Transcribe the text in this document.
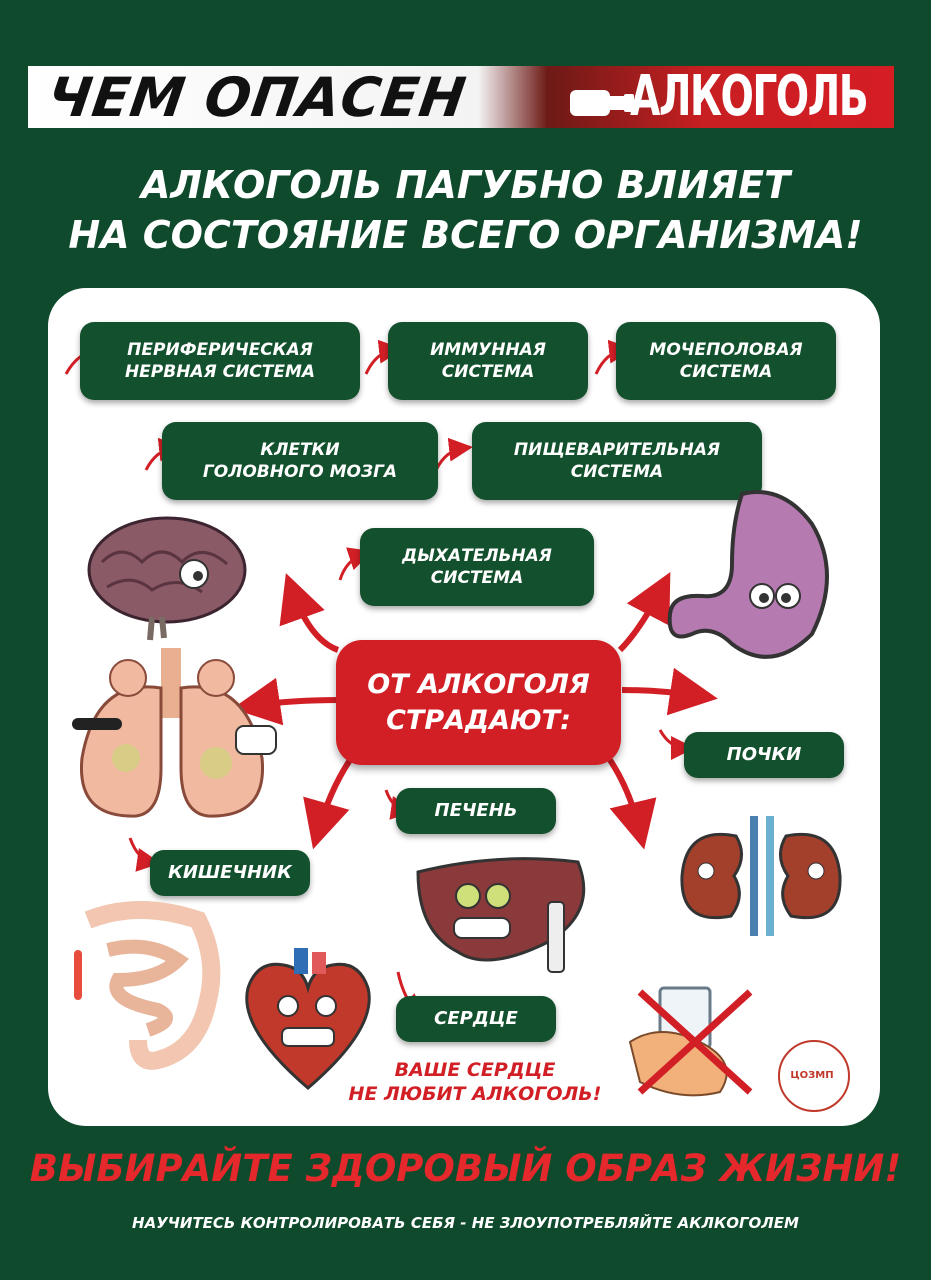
ЧЕМ ОПАСЕН	АЛКОГОЛЬ
АЛКОГОЛЬ ПАГУБНО ВЛИЯЕТ
НА СОСТОЯНИЕ ВСЕГО ОРГАНИЗМА!
ПЕРИФЕРИЧЕСКАЯ
НЕРВНАЯ СИСТЕМА
ИММУННАЯ
СИСТЕМА
МОЧЕПОЛОВАЯ
СИСТЕМА
КЛЕТКИ
ГОЛОВНОГО МОЗГА
ПИЩЕВАРИТЕЛЬНАЯ
СИСТЕМА
ДЫХАТЕЛЬНАЯ
СИСТЕМА
ОТ АЛКОГОЛЯ
СТРАДАЮТ:
ПОЧКИ
ПЕЧЕНЬ
КИШЕЧНИК
СЕРДЦЕ
ВАШЕ СЕРДЦЕ
НЕ ЛЮБИТ АЛКОГОЛЬ!
ЦОЗМП
ВЫБИРАЙТЕ ЗДОРОВЫЙ ОБРАЗ ЖИЗНИ!
НАУЧИТЕСЬ КОНТРОЛИРОВАТЬ СЕБЯ - НЕ ЗЛОУПОТРЕБЛЯЙТЕ АКЛКОГОЛЕМ
